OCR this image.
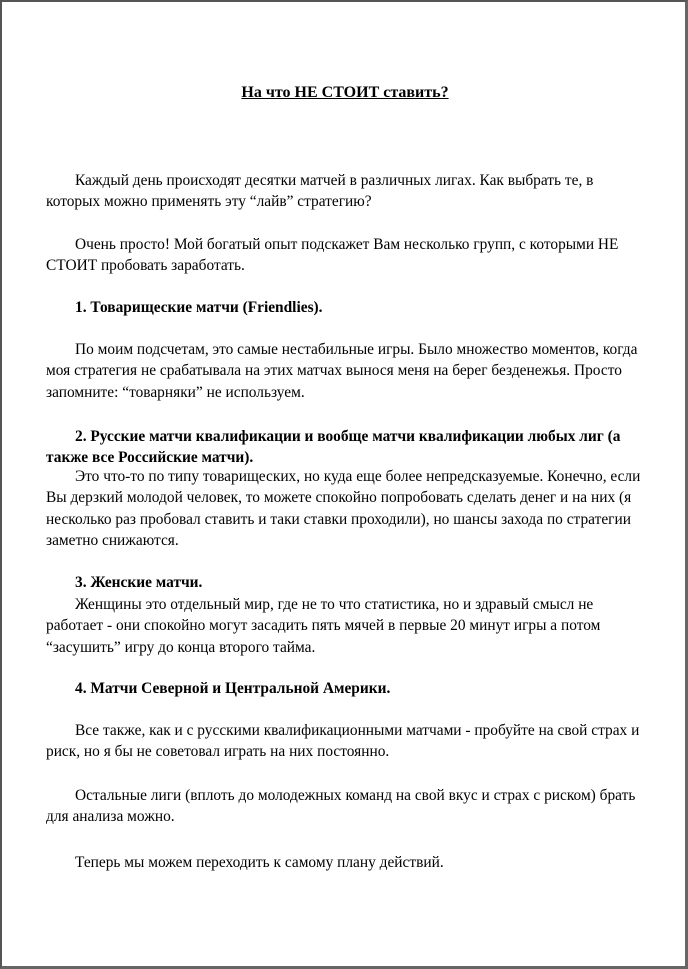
На что НЕ СТОИТ ставить?

Каждый день происходят десятки матчей в различных лигах. Как выбрать те, в которых можно применять эту “лайв” стратегию?

Очень просто! Мой богатый опыт подскажет Вам несколько групп, с которыми НЕ СТОИТ пробовать заработать.

1. Товарищеские матчи (Friendlies).

По моим подсчетам, это самые нестабильные игры. Было множество моментов, когда моя стратегия не срабатывала на этих матчах вынося меня на берег безденежья. Просто запомните: “товарняки” не используем.

2. Русские матчи квалификации и вообще матчи квалификации любых лиг (а также все Российские матчи).

Это что-то по типу товарищеских, но куда еще более непредсказуемые. Конечно, если Вы дерзкий молодой человек, то можете спокойно попробовать сделать денег и на них (я несколько раз пробовал ставить и таки ставки проходили), но шансы захода по стратегии заметно снижаются.

3. Женские матчи.

Женщины это отдельный мир, где не то что статистика, но и здравый смысл не работает - они спокойно могут засадить пять мячей в первые 20 минут игры а потом “засушить” игру до конца второго тайма.

4. Матчи Северной и Центральной Америки.

Все также, как и с русскими квалификационными матчами - пробуйте на свой страх и риск, но я бы не советовал играть на них постоянно.

Остальные лиги (вплоть до молодежных команд на свой вкус и страх с риском) брать для анализа можно.

Теперь мы можем переходить к самому плану действий.
